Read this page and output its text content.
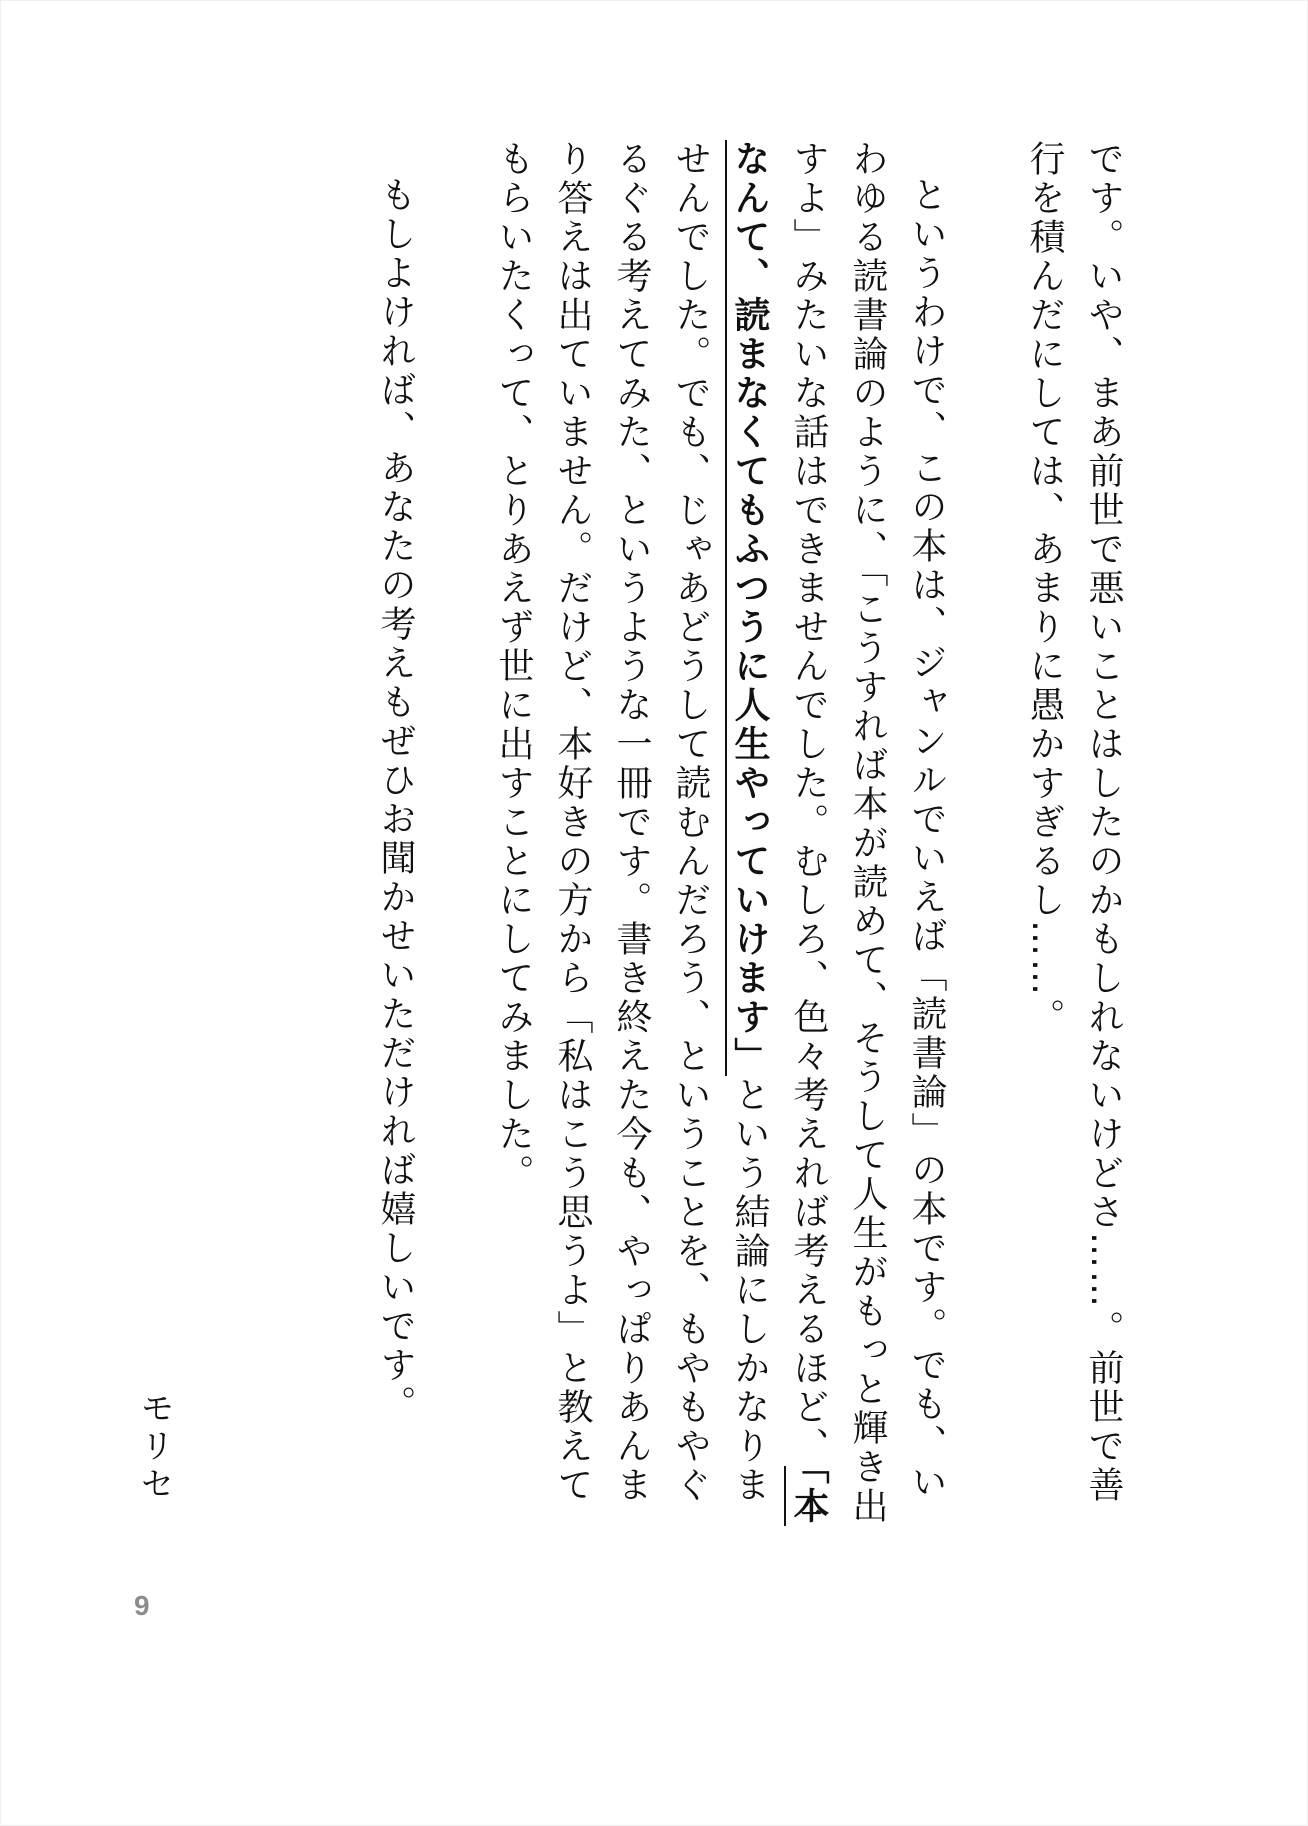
です。いや、まあ前世で悪いことはしたのかもしれないけどさ……。前世で善行を積んだにしては、あまりに愚かすぎるし……。

というわけで、この本は、ジャンルでいえば「読書論」の本です。でも、いわゆる読書論のように、「こうすれば本が読めて、そうして人生がもっと輝き出すよ」みたいな話はできませんでした。むしろ、色々考えれば考えるほど、「本なんて、読まなくてもふつうに人生やっていけます」という結論にしかなりませんでした。でも、じゃあどうして読むんだろう、ということを、もやもやぐるぐる考えてみた、というような一冊です。書き終えた今も、やっぱりあんまり答えは出ていません。だけど、本好きの方から「私はこう思うよ」と教えてもらいたくって、とりあえず世に出すことにしてみました。

もしよければ、あなたの考えもぜひお聞かせいただければ嬉しいです。

モリセ
9
